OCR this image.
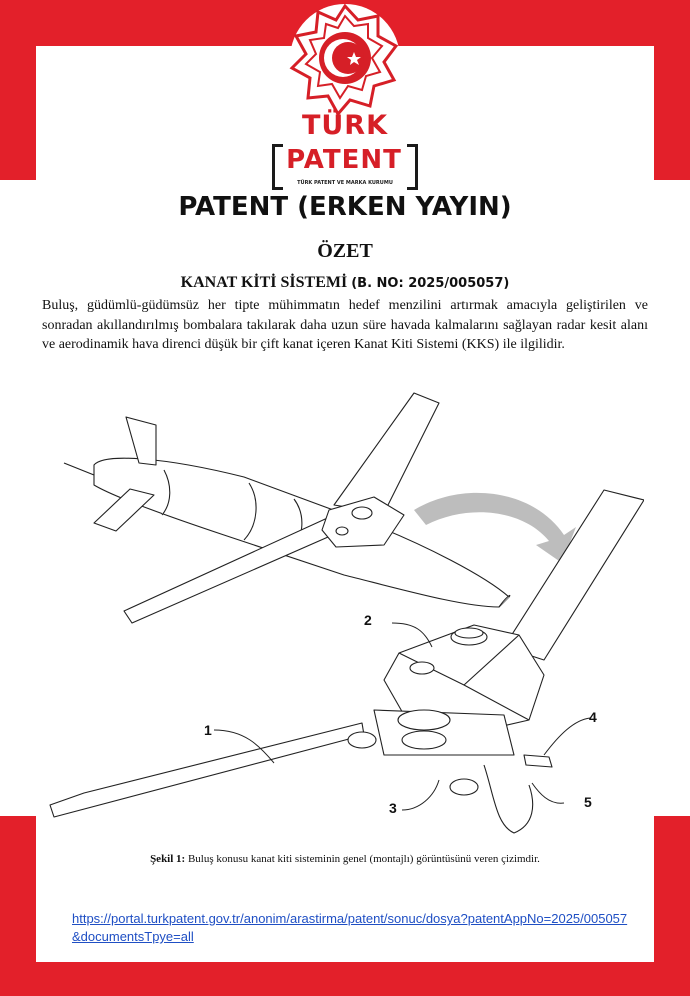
TÜRK
PATENT
TÜRK PATENT VE MARKA KURUMU
PATENT (ERKEN YAYIN)
ÖZET
KANAT KİTİ SİSTEMİ (B. NO: 2025/005057)
Buluş, güdümlü-güdümsüz her tipte mühimmatın hedef menzilini artırmak amacıyla geliştirilen ve sonradan akıllandırılmış bombalara takılarak daha uzun süre havada kalmalarını sağlayan radar kesit alanı ve aerodinamik hava direnci düşük bir çift kanat içeren Kanat Kiti Sistemi (KKS) ile ilgilidir.
2
1
3
4
5
Şekil 1: Buluş konusu kanat kiti sisteminin genel (montajlı) görüntüsünü veren çizimdir.
https://portal.turkpatent.gov.tr/anonim/arastirma/patent/sonuc/dosya?patentAppNo=2025/005057&documentsTpye=all
